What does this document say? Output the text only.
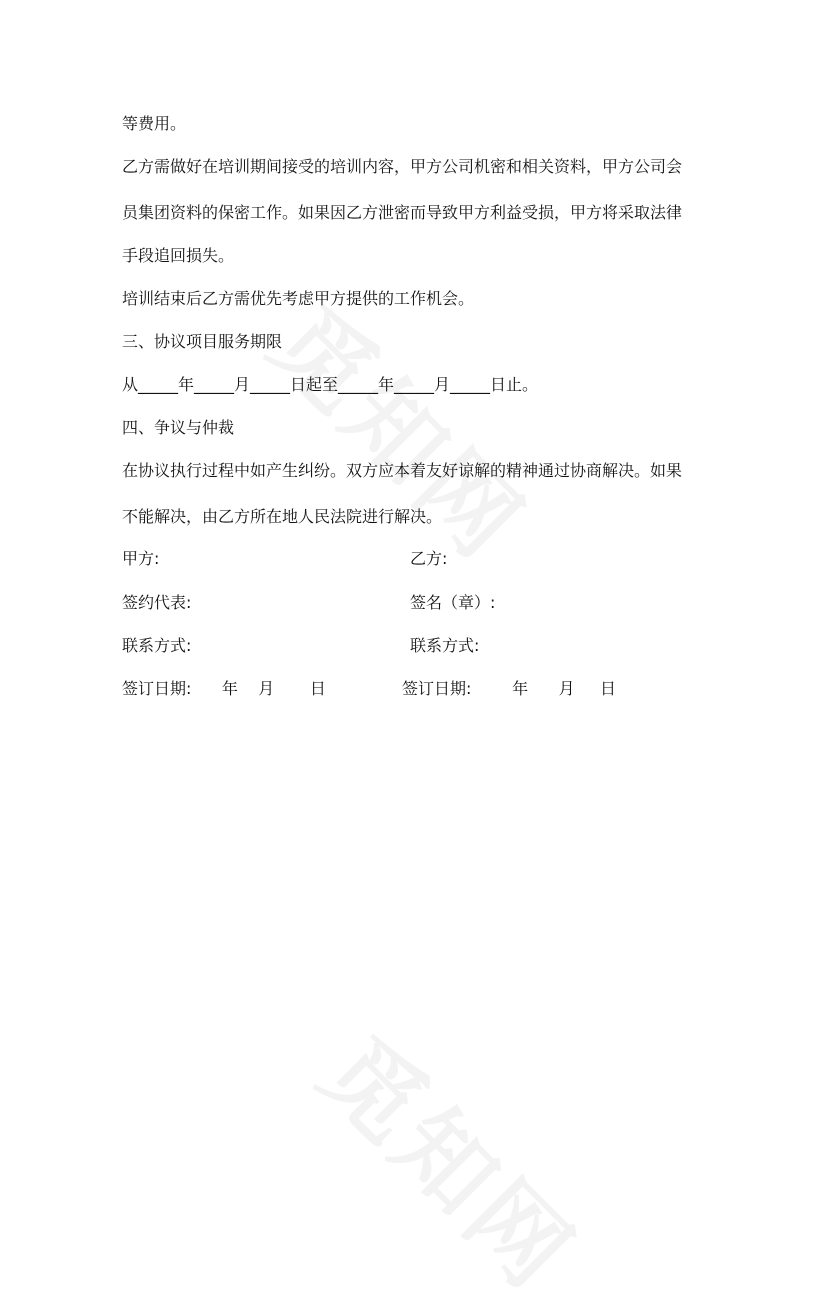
等费用。
乙方需做好在培训期间接受的培训内容，甲方公司机密和相关资料，甲方公司会
员集团资料的保密工作。如果因乙方泄密而导致甲方利益受损，甲方将采取法律
手段追回损失。
培训结束后乙方需优先考虑甲方提供的工作机会。
三、协议项目服务期限
从_____年_____月_____日起至_____年_____月_____日止。
四、争议与仲裁
在协议执行过程中如产生纠纷。双方应本着友好谅解的精神通过协商解决。如果
不能解决，由乙方所在地人民法院进行解决。
甲方:	乙方:
签约代表:	签名（章）:
联系方式:	联系方式:
签订日期:      年    月       日	签订日期:        年      月     日
